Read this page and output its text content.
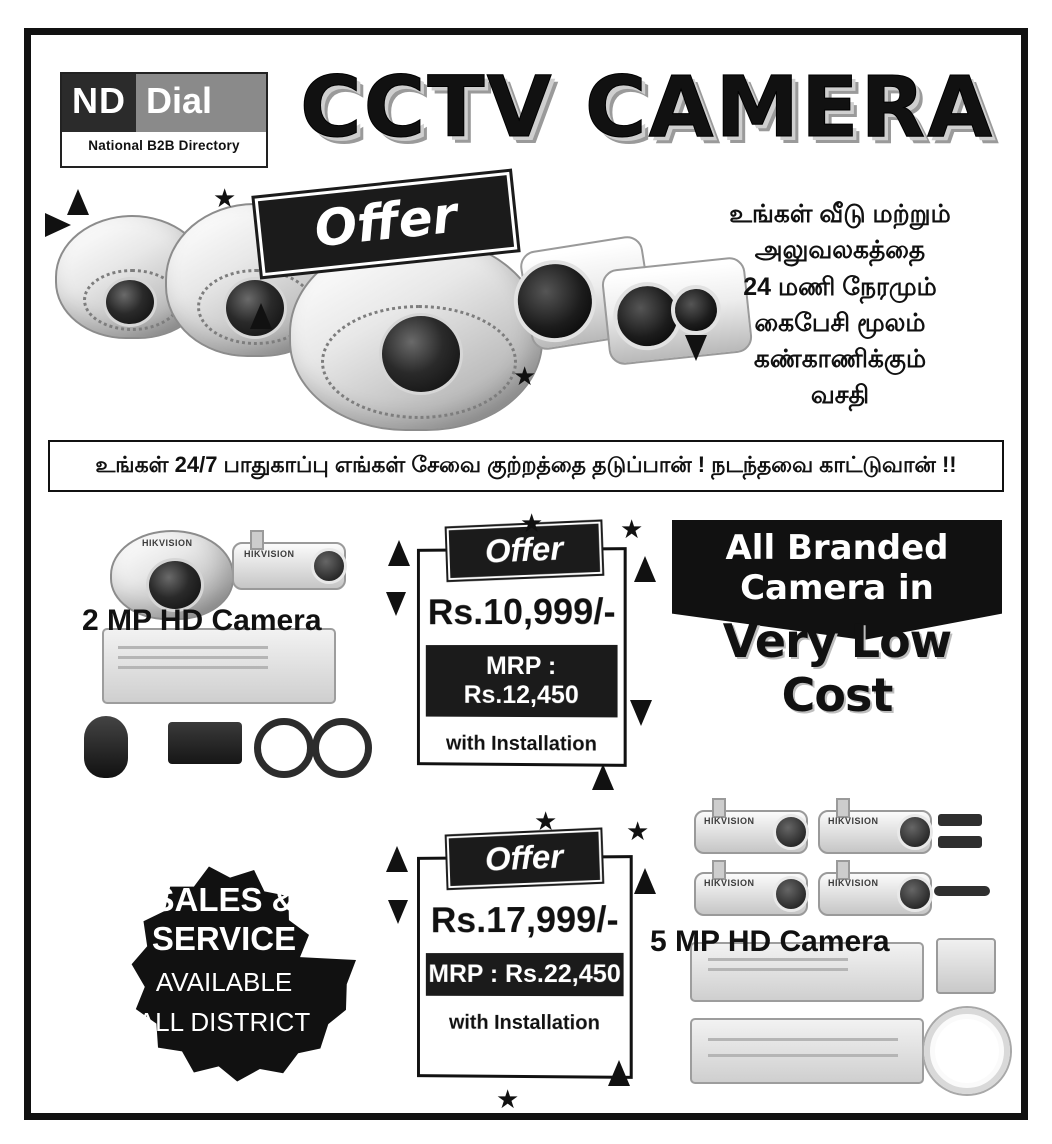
ND Dial
National B2B Directory CCTV CAMERA
★
★
Offer	உங்கள் வீடு மற்றும்
அலுவலகத்தை
24 மணி நேரமும்
கைபேசி மூலம்
கண்காணிக்கும்
வசதி
உங்கள் 24/7 பாதுகாப்பு எங்கள் சேவை குற்றத்தை தடுப்பான் ! நடந்தவை காட்டுவான் !!
HIKVISION
HIKVISION
2 MP HD Camera
Offer
Rs.10,999/-
MRP : Rs.12,450
with Installation
★	★	All Branded
Camera in
Very Low Cost
SALES &
SERVICE
AVAILABLE
ALL DISTRICT
Offer
Rs.17,999/-
MRP : Rs.22,450
with Installation
★	★
★
HIKVISION	HIKVISION
HIKVISION	HIKVISION
5 MP HD Camera
